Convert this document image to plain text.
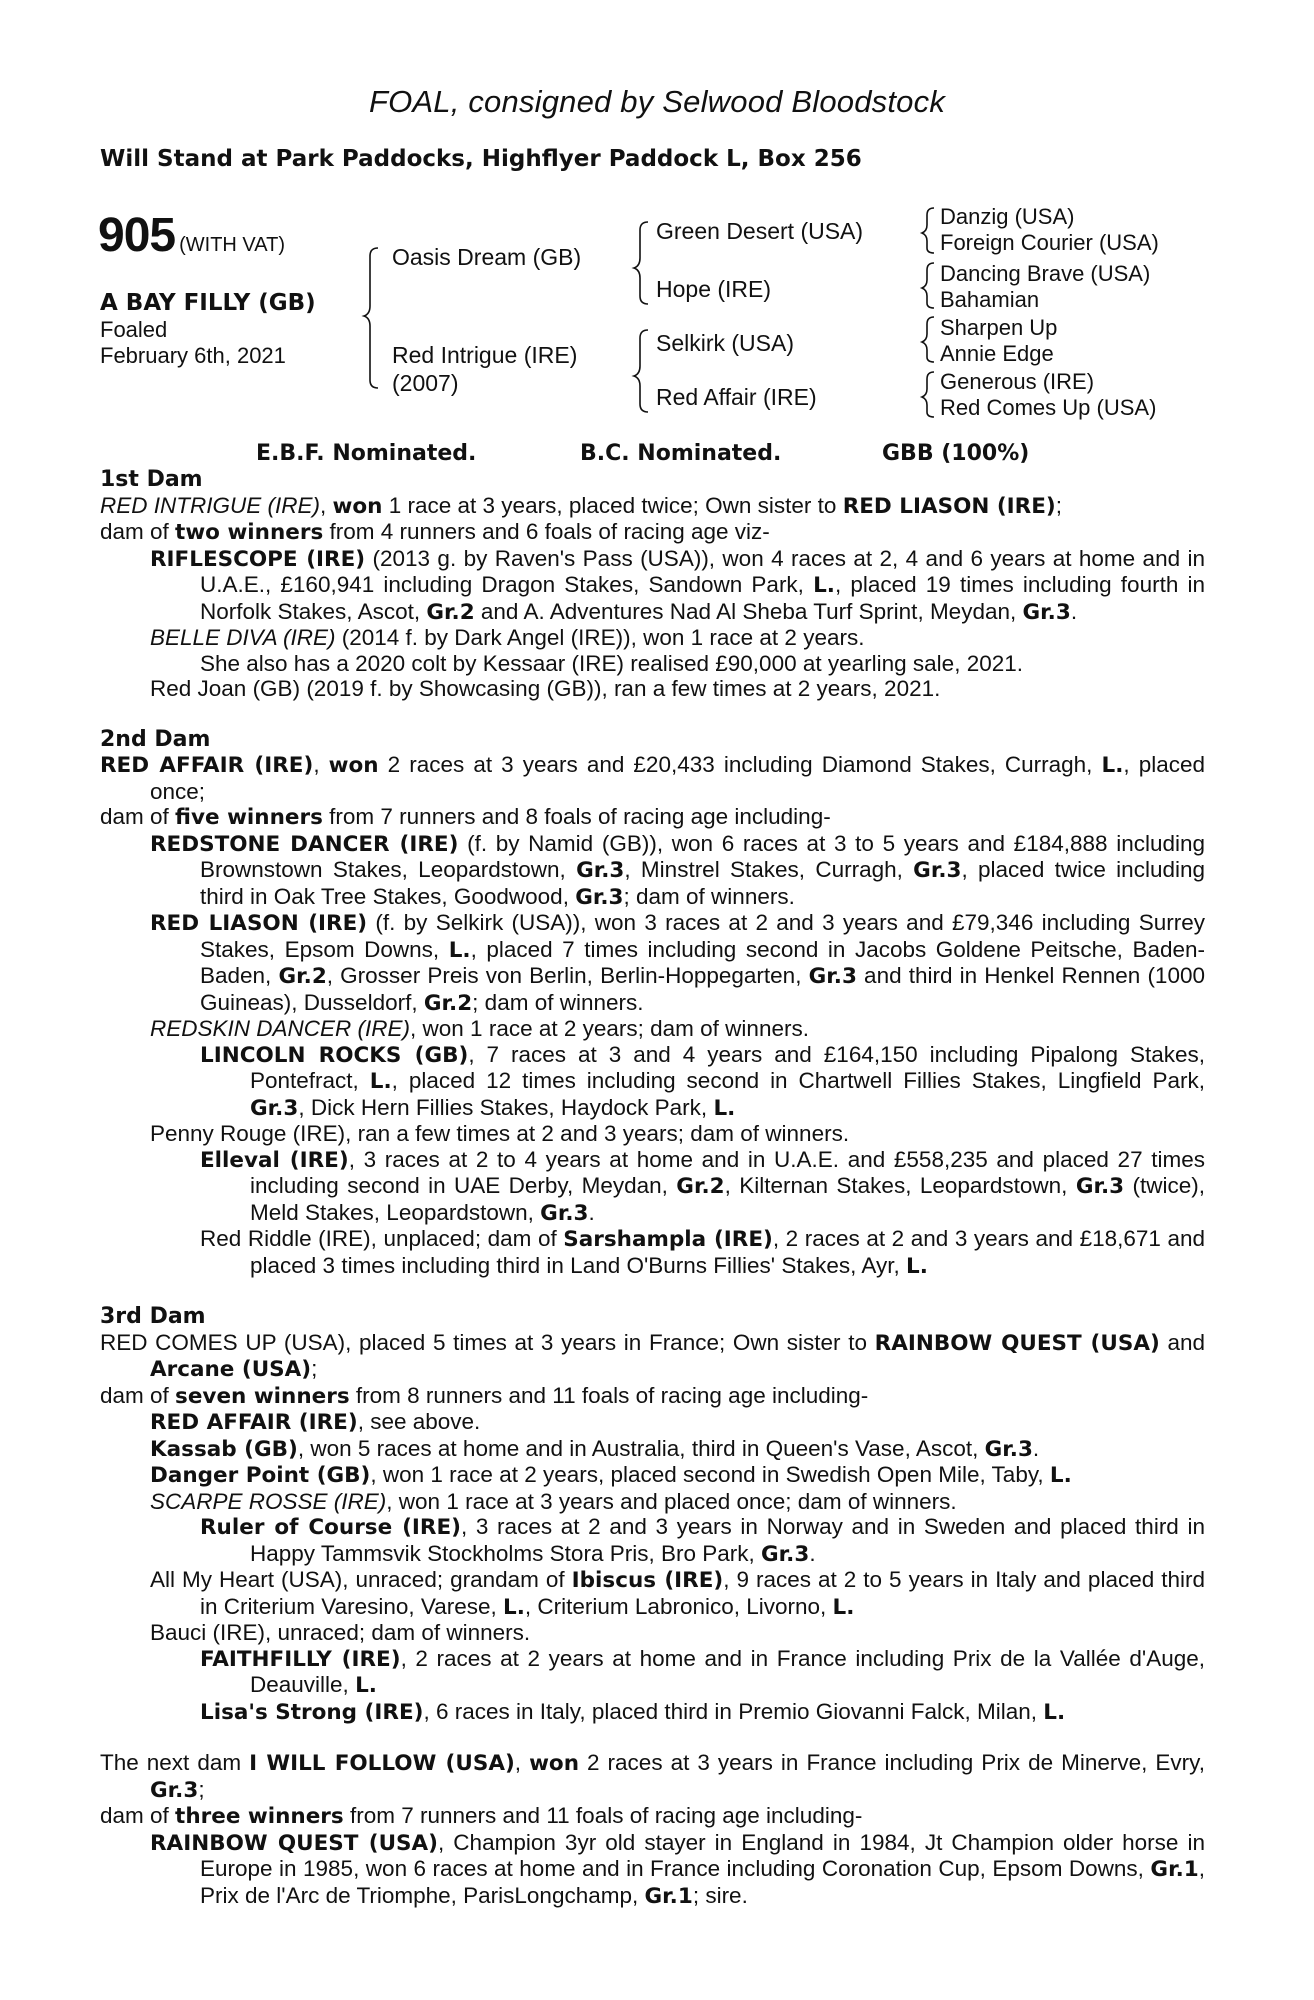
FOAL, consigned by Selwood Bloodstock
Will Stand at Park Paddocks, Highflyer Paddock L, Box 256
905 (WITH VAT)
A BAY FILLY (GB)
Foaled
February 6th, 2021
Oasis Dream (GB)
Red Intrigue (IRE)
(2007)
Green Desert (USA)
Hope (IRE)
Selkirk (USA)
Red Affair (IRE)
Danzig (USA)
Foreign Courier (USA)
Dancing Brave (USA)
Bahamian
Sharpen Up
Annie Edge
Generous (IRE)
Red Comes Up (USA)
E.B.F. Nominated.	B.C. Nominated.	GBB (100%)
1st Dam
RED INTRIGUE (IRE), won 1 race at 3 years, placed twice; Own sister to RED LIASON (IRE);
dam of two winners from 4 runners and 6 foals of racing age viz-
RIFLESCOPE (IRE) (2013 g. by Raven's Pass (USA)), won 4 races at 2, 4 and 6 years at home and in U.A.E., £160,941 including Dragon Stakes, Sandown Park, L., placed 19 times including fourth in Norfolk Stakes, Ascot, Gr.2 and A. Adventures Nad Al Sheba Turf Sprint, Meydan, Gr.3.
BELLE DIVA (IRE) (2014 f. by Dark Angel (IRE)), won 1 race at 2 years.
She also has a 2020 colt by Kessaar (IRE) realised £90,000 at yearling sale, 2021.
Red Joan (GB) (2019 f. by Showcasing (GB)), ran a few times at 2 years, 2021.
2nd Dam
RED AFFAIR (IRE), won 2 races at 3 years and £20,433 including Diamond Stakes, Curragh, L., placed once;
dam of five winners from 7 runners and 8 foals of racing age including-
REDSTONE DANCER (IRE) (f. by Namid (GB)), won 6 races at 3 to 5 years and £184,888 including Brownstown Stakes, Leopardstown, Gr.3, Minstrel Stakes, Curragh, Gr.3, placed twice including third in Oak Tree Stakes, Goodwood, Gr.3; dam of winners.
RED LIASON (IRE) (f. by Selkirk (USA)), won 3 races at 2 and 3 years and £79,346 including Surrey Stakes, Epsom Downs, L., placed 7 times including second in Jacobs Goldene Peitsche, Baden-Baden, Gr.2, Grosser Preis von Berlin, Berlin-Hoppegarten, Gr.3 and third in Henkel Rennen (1000 Guineas), Dusseldorf, Gr.2; dam of winners.
REDSKIN DANCER (IRE), won 1 race at 2 years; dam of winners.
LINCOLN ROCKS (GB), 7 races at 3 and 4 years and £164,150 including Pipalong Stakes, Pontefract, L., placed 12 times including second in Chartwell Fillies Stakes, Lingfield Park, Gr.3, Dick Hern Fillies Stakes, Haydock Park, L.
Penny Rouge (IRE), ran a few times at 2 and 3 years; dam of winners.
Elleval (IRE), 3 races at 2 to 4 years at home and in U.A.E. and £558,235 and placed 27 times including second in UAE Derby, Meydan, Gr.2, Kilternan Stakes, Leopardstown, Gr.3 (twice), Meld Stakes, Leopardstown, Gr.3.
Red Riddle (IRE), unplaced; dam of Sarshampla (IRE), 2 races at 2 and 3 years and £18,671 and placed 3 times including third in Land O'Burns Fillies' Stakes, Ayr, L.
3rd Dam
RED COMES UP (USA), placed 5 times at 3 years in France; Own sister to RAINBOW QUEST (USA) and Arcane (USA);
dam of seven winners from 8 runners and 11 foals of racing age including-
RED AFFAIR (IRE), see above.
Kassab (GB), won 5 races at home and in Australia, third in Queen's Vase, Ascot, Gr.3.
Danger Point (GB), won 1 race at 2 years, placed second in Swedish Open Mile, Taby, L.
SCARPE ROSSE (IRE), won 1 race at 3 years and placed once; dam of winners.
Ruler of Course (IRE), 3 races at 2 and 3 years in Norway and in Sweden and placed third in Happy Tammsvik Stockholms Stora Pris, Bro Park, Gr.3.
All My Heart (USA), unraced; grandam of Ibiscus (IRE), 9 races at 2 to 5 years in Italy and placed third in Criterium Varesino, Varese, L., Criterium Labronico, Livorno, L.
Bauci (IRE), unraced; dam of winners.
FAITHFILLY (IRE), 2 races at 2 years at home and in France including Prix de la Vallée d'Auge, Deauville, L.
Lisa's Strong (IRE), 6 races in Italy, placed third in Premio Giovanni Falck, Milan, L.
The next dam I WILL FOLLOW (USA), won 2 races at 3 years in France including Prix de Minerve, Evry, Gr.3;
dam of three winners from 7 runners and 11 foals of racing age including-
RAINBOW QUEST (USA), Champion 3yr old stayer in England in 1984, Jt Champion older horse in Europe in 1985, won 6 races at home and in France including Coronation Cup, Epsom Downs, Gr.1, Prix de l'Arc de Triomphe, ParisLongchamp, Gr.1; sire.
